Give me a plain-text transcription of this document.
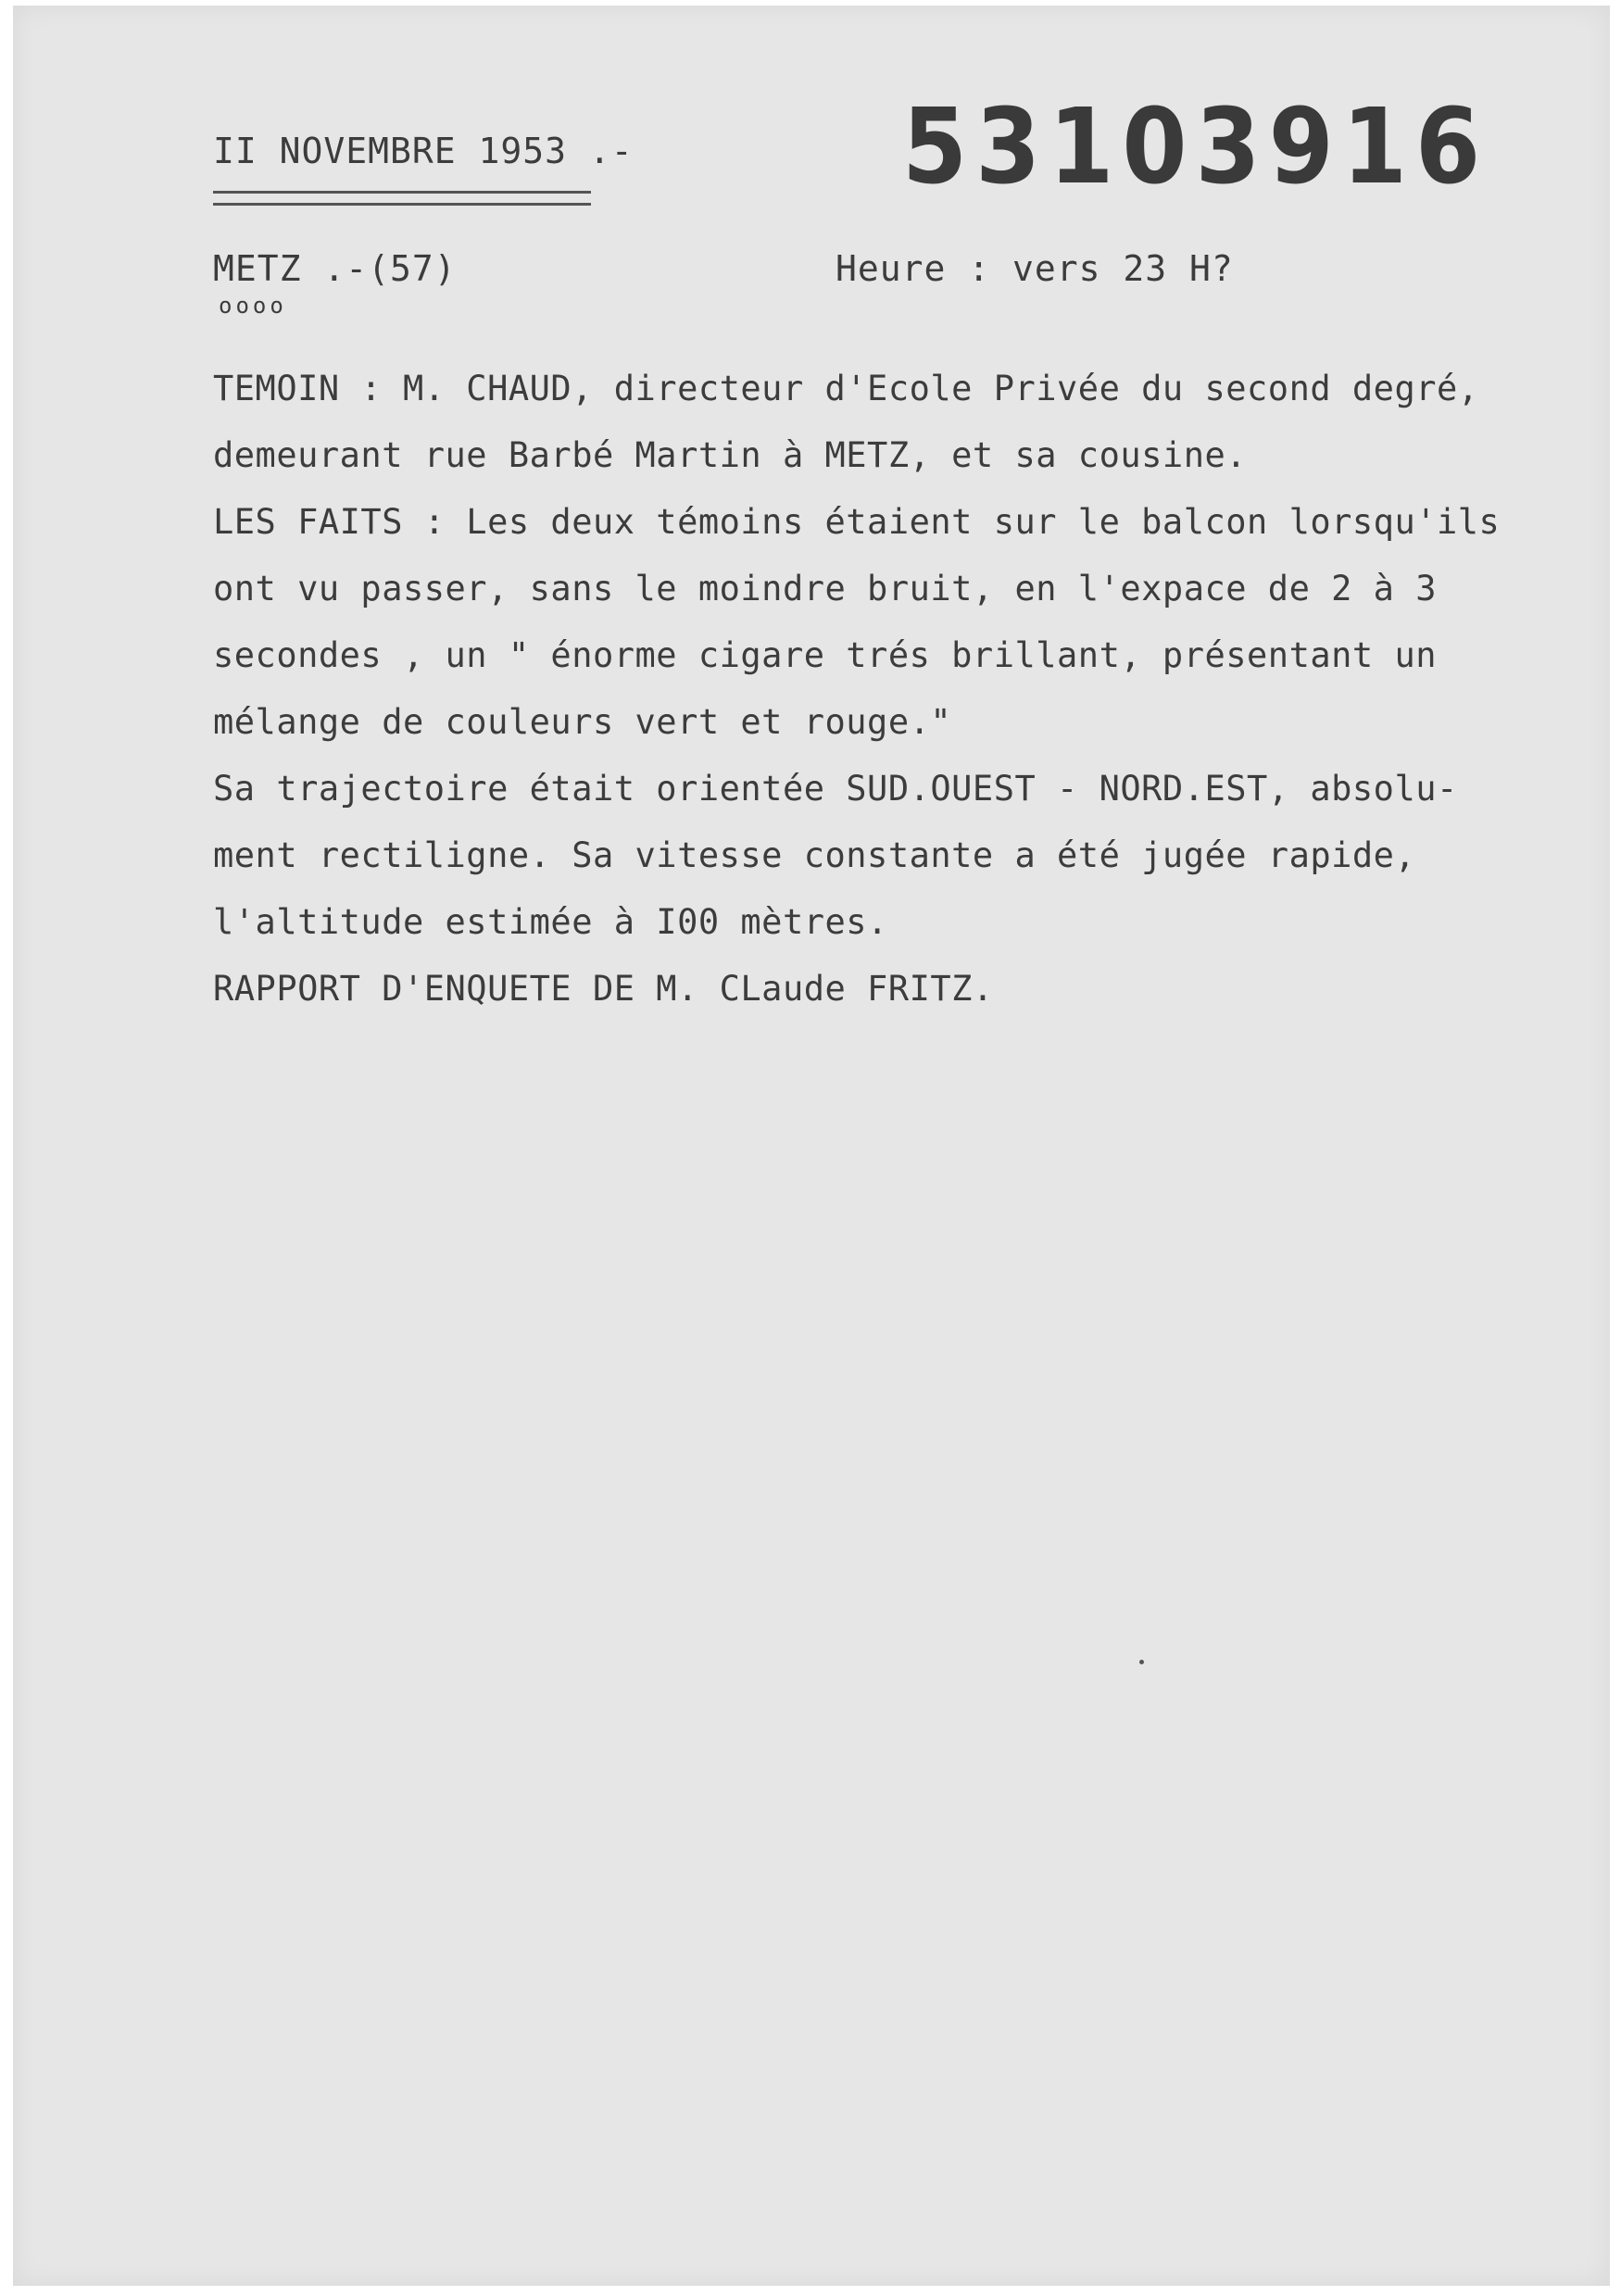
II NOVEMBRE 1953 .-	53103916

METZ .-(57)

oooo

Heure : vers 23 H?

TEMOIN : M. CHAUD, directeur d'Ecole Privée du second degré,
demeurant rue Barbé Martin à METZ, et sa cousine.
LES FAITS : Les deux témoins étaient sur le balcon lorsqu'ils
ont vu passer, sans le moindre bruit, en l'expace de 2 à 3
secondes , un " énorme cigare trés brillant, présentant un
mélange de couleurs vert et rouge."
Sa trajectoire était orientée SUD.OUEST - NORD.EST, absolu-
ment rectiligne. Sa vitesse constante a été jugée rapide,
l'altitude estimée à I00 mètres.
RAPPORT D'ENQUETE DE M. CLaude FRITZ.
